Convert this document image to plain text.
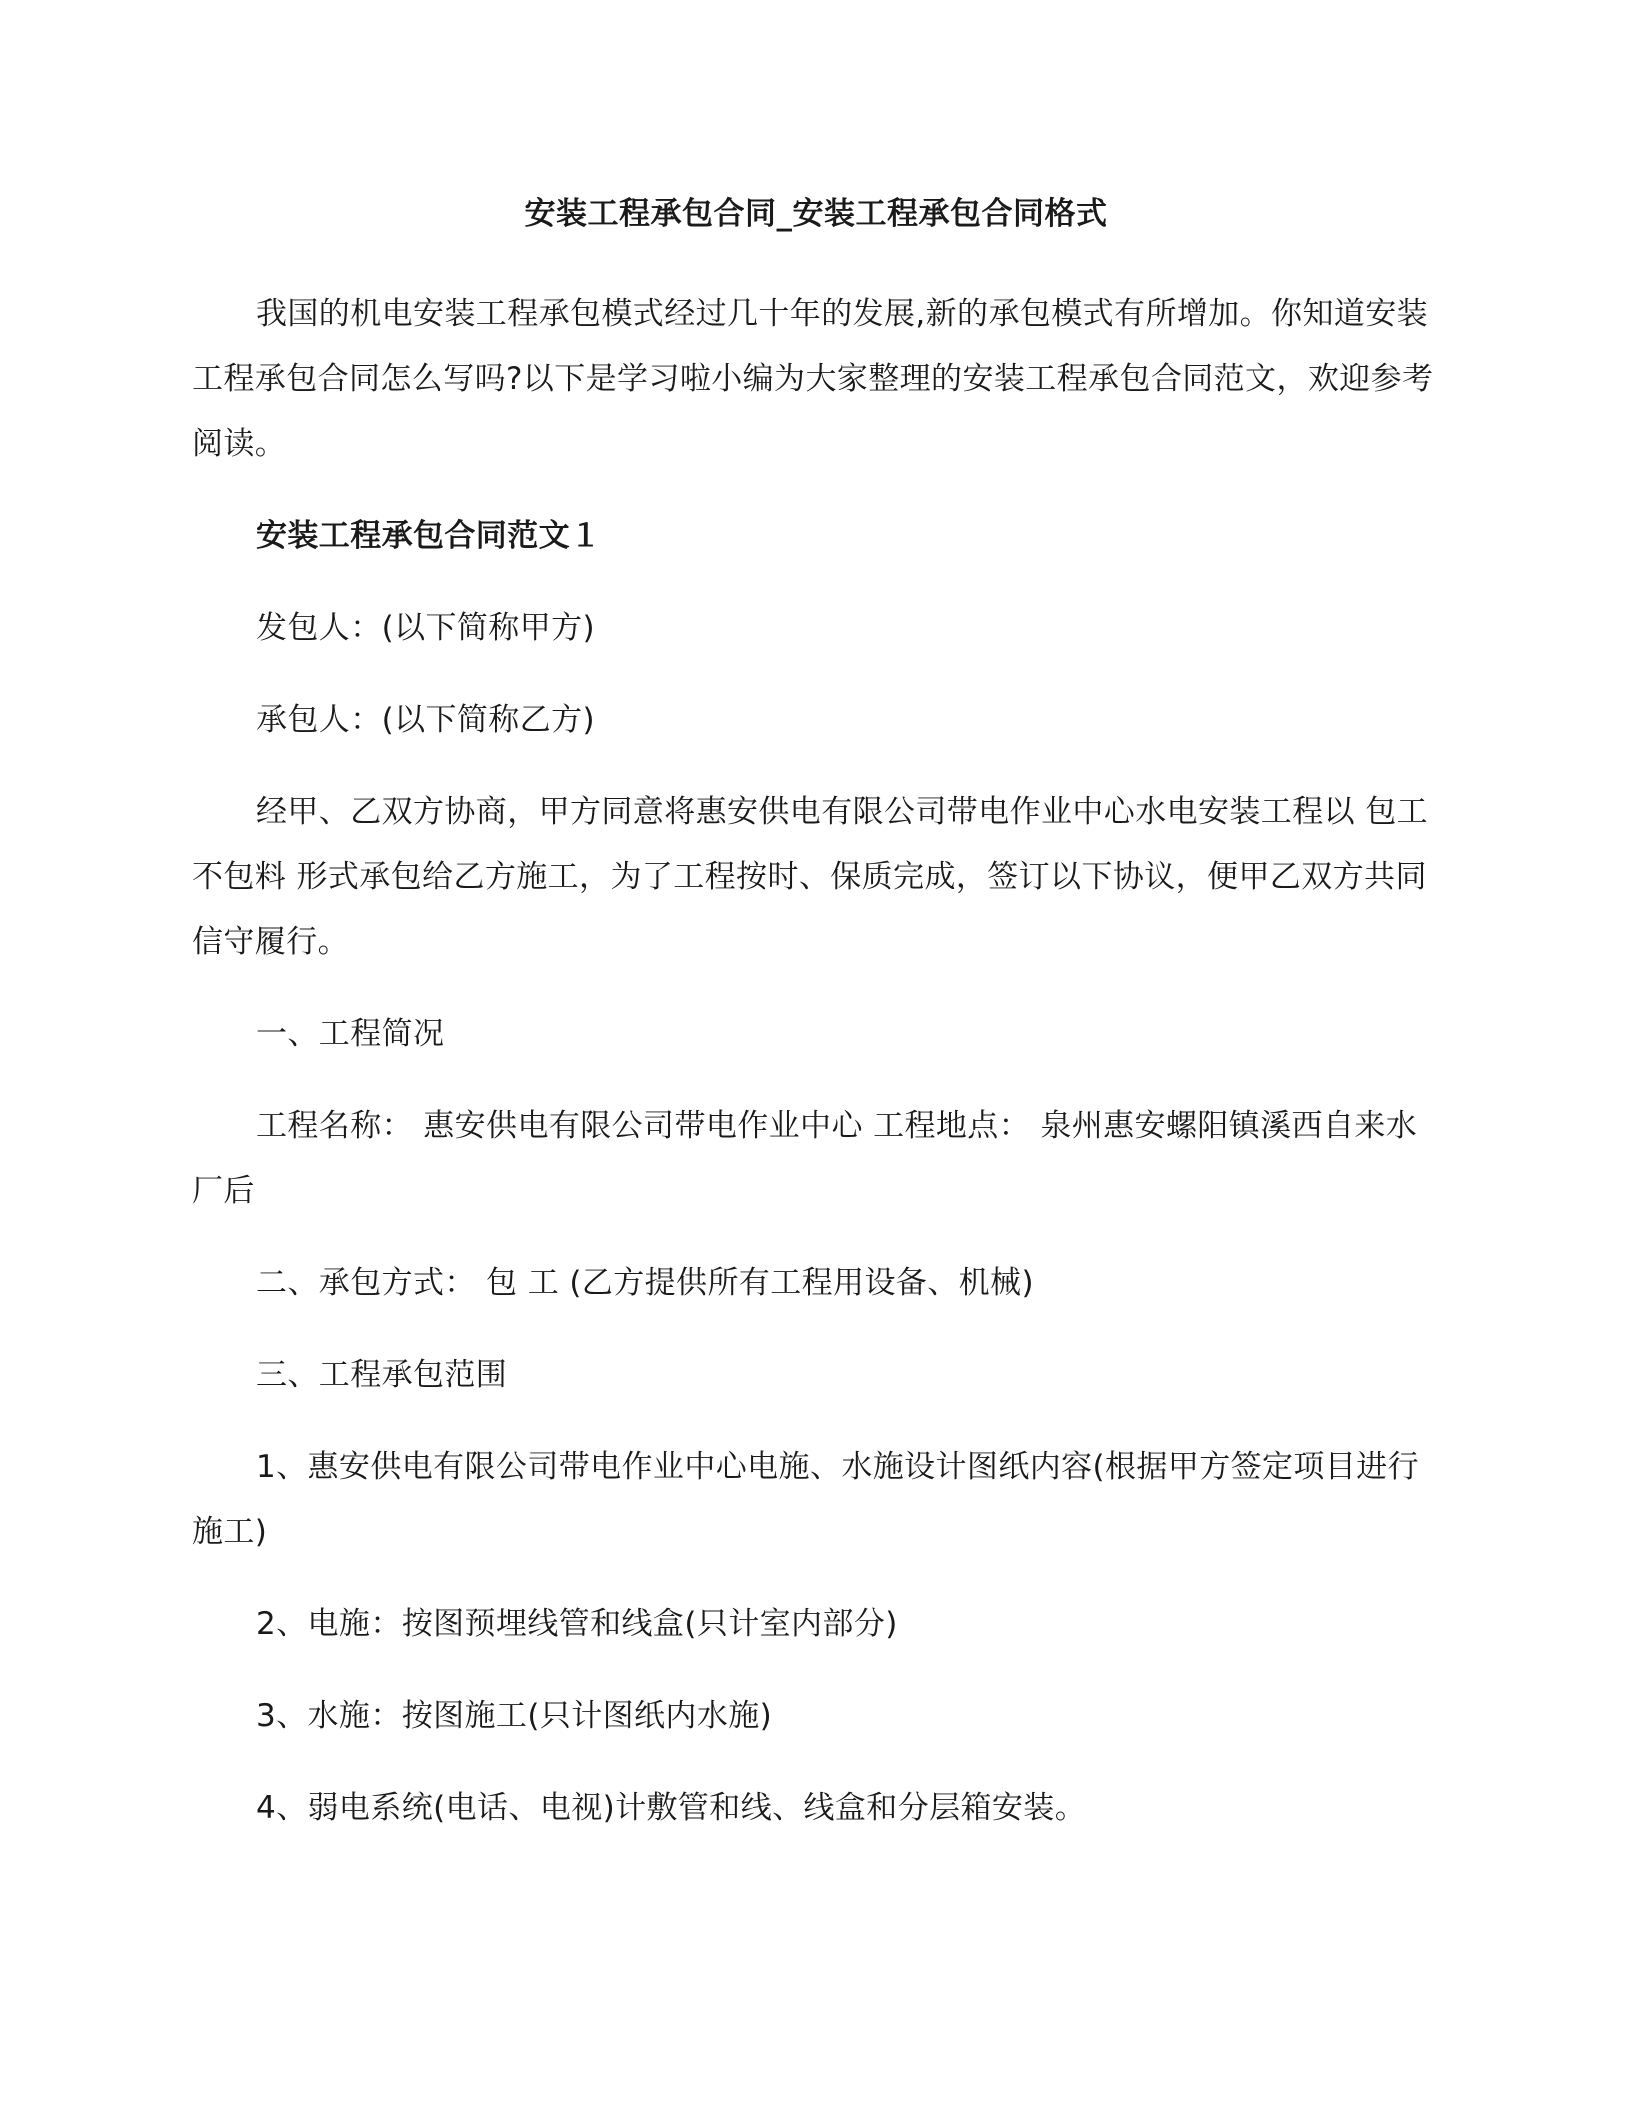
安装工程承包合同_安装工程承包合同格式

我国的机电安装工程承包模式经过几十年的发展,新的承包模式有所增加。你知道安装工程承包合同怎么写吗?以下是学习啦小编为大家整理的安装工程承包合同范文，欢迎参考阅读。

安装工程承包合同范文１

发包人：(以下简称甲方)

承包人：(以下简称乙方)

经甲、乙双方协商，甲方同意将惠安供电有限公司带电作业中心水电安装工程以 包工不包料 形式承包给乙方施工，为了工程按时、保质完成，签订以下协议，便甲乙双方共同信守履行。

一、工程简况

工程名称： 惠安供电有限公司带电作业中心 工程地点： 泉州惠安螺阳镇溪西自来水厂后

二、承包方式： 包 工 (乙方提供所有工程用设备、机械)

三、工程承包范围

1、惠安供电有限公司带电作业中心电施、水施设计图纸内容(根据甲方签定项目进行施工)

2、电施：按图预埋线管和线盒(只计室内部分)

3、水施：按图施工(只计图纸内水施)

4、弱电系统(电话、电视)计敷管和线、线盒和分层箱安装。
